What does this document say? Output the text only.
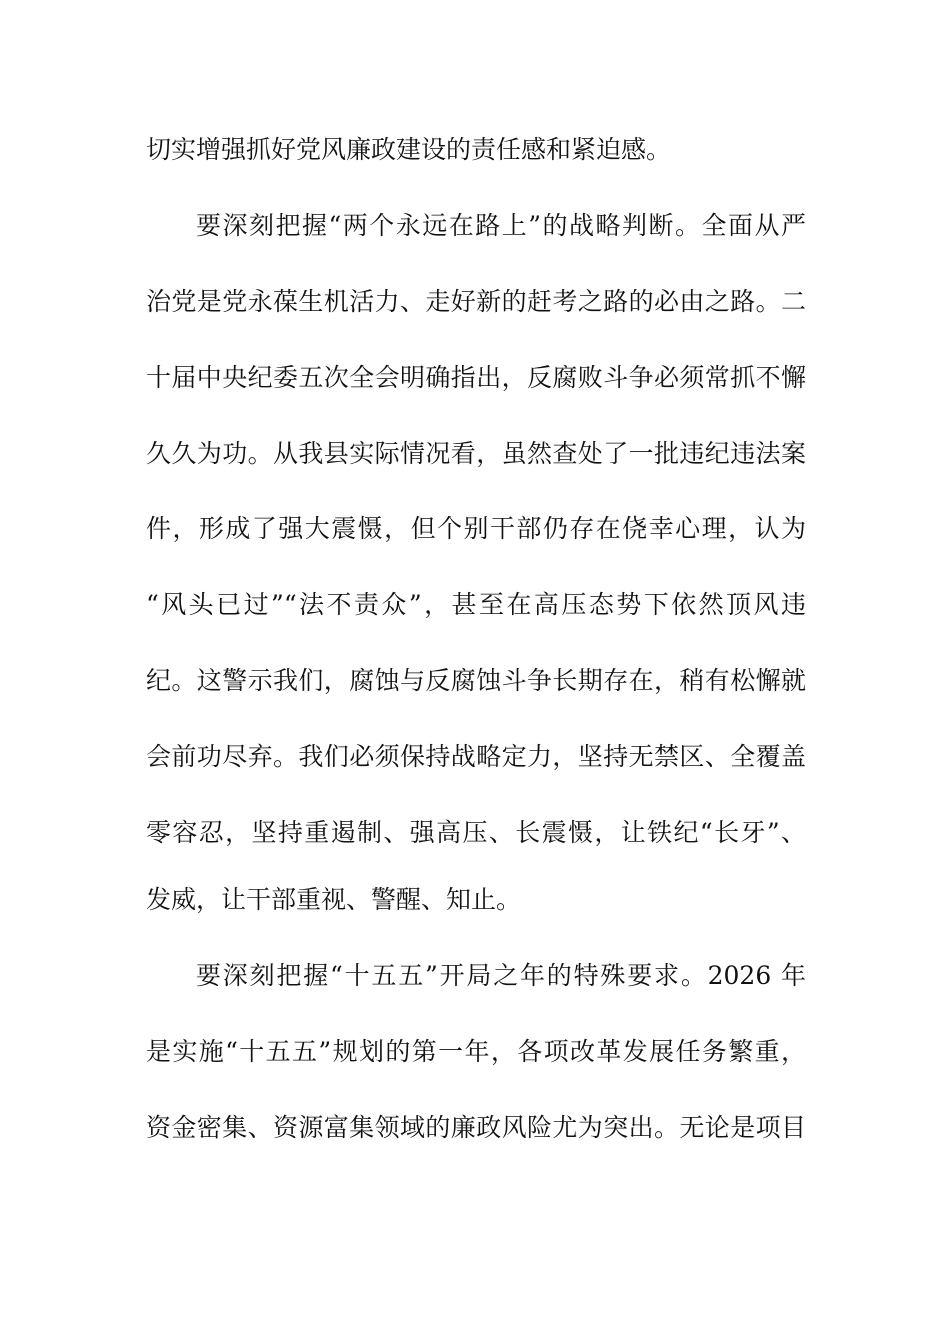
切实增强抓好党风廉政建设的责任感和紧迫感。
要深刻把握“两个永远在路上”的战略判断。全面从严
治党是党永葆生机活力、走好新的赶考之路的必由之路。二
十届中央纪委五次全会明确指出，反腐败斗争必须常抓不懈
久久为功。从我县实际情况看，虽然查处了一批违纪违法案
件，形成了强大震慑，但个别干部仍存在侥幸心理，认为
“风头已过”“法不责众”，甚至在高压态势下依然顶风违
纪。这警示我们，腐蚀与反腐蚀斗争长期存在，稍有松懈就
会前功尽弃。我们必须保持战略定力，坚持无禁区、全覆盖
零容忍，坚持重遏制、强高压、长震慑，让铁纪“长牙”、
发威，让干部重视、警醒、知止。
要深刻把握“十五五”开局之年的特殊要求。2026 年
是实施“十五五”规划的第一年，各项改革发展任务繁重，
资金密集、资源富集领域的廉政风险尤为突出。无论是项目
